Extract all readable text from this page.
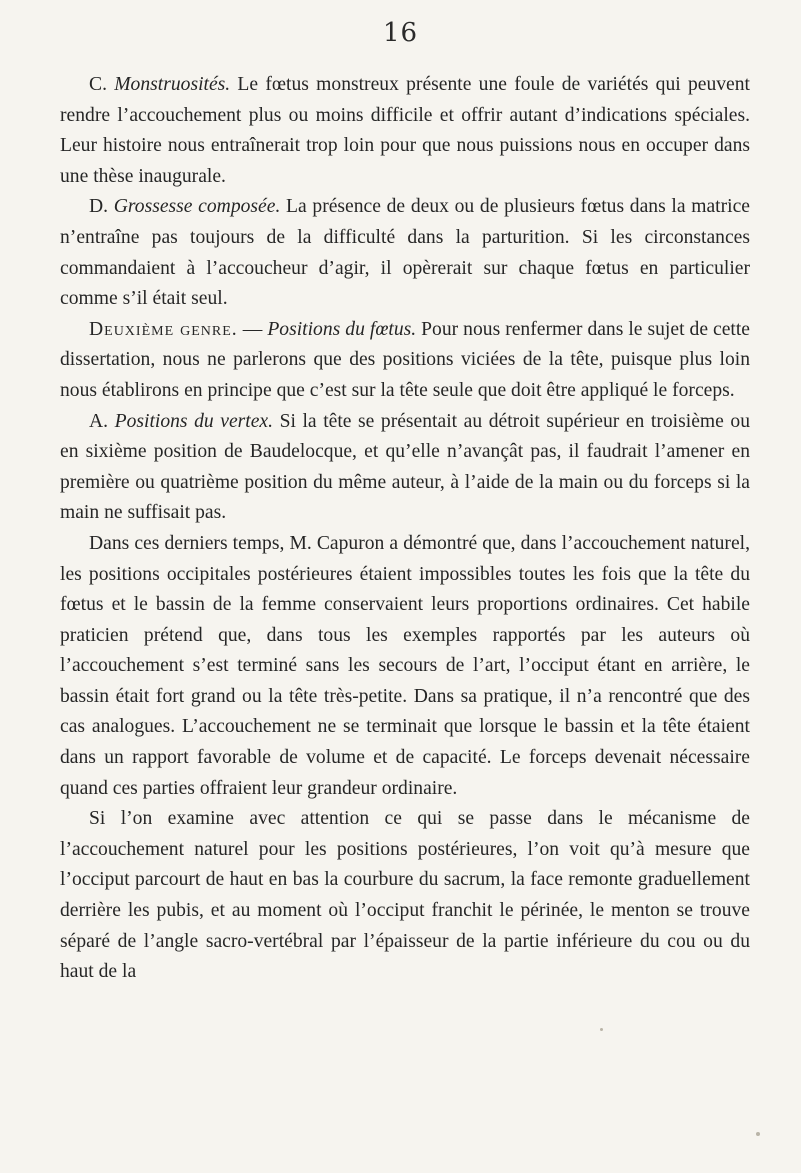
16

C. Monstruosités. Le fœtus monstreux présente une foule de variétés qui peuvent rendre l’accouchement plus ou moins difficile et offrir autant d’indications spéciales. Leur histoire nous entraînerait trop loin pour que nous puissions nous en occuper dans une thèse inaugurale.

D. Grossesse composée. La présence de deux ou de plusieurs fœtus dans la matrice n’entraîne pas toujours de la difficulté dans la parturition. Si les circonstances commandaient à l’accoucheur d’agir, il opèrerait sur chaque fœtus en particulier comme s’il était seul.

Deuxième genre. — Positions du fœtus. Pour nous renfermer dans le sujet de cette dissertation, nous ne parlerons que des positions viciées de la tête, puisque plus loin nous établirons en principe que c’est sur la tête seule que doit être appliqué le forceps.

A. Positions du vertex. Si la tête se présentait au détroit supérieur en troisième ou en sixième position de Baudelocque, et qu’elle n’avançât pas, il faudrait l’amener en première ou quatrième position du même auteur, à l’aide de la main ou du forceps si la main ne suffisait pas.

Dans ces derniers temps, M. Capuron a démontré que, dans l’accouchement naturel, les positions occipitales postérieures étaient impossibles toutes les fois que la tête du fœtus et le bassin de la femme conservaient leurs proportions ordinaires. Cet habile praticien prétend que, dans tous les exemples rapportés par les auteurs où l’accouchement s’est terminé sans les secours de l’art, l’occiput étant en arrière, le bassin était fort grand ou la tête très-petite. Dans sa pratique, il n’a rencontré que des cas analogues. L’accouchement ne se terminait que lorsque le bassin et la tête étaient dans un rapport favorable de volume et de capacité. Le forceps devenait nécessaire quand ces parties offraient leur grandeur ordinaire.

Si l’on examine avec attention ce qui se passe dans le mécanisme de l’accouchement naturel pour les positions postérieures, l’on voit qu’à mesure que l’occiput parcourt de haut en bas la courbure du sacrum, la face remonte graduellement derrière les pubis, et au moment où l’occiput franchit le périnée, le menton se trouve séparé de l’angle sacro-vertébral par l’épaisseur de la partie inférieure du cou ou du haut de la
